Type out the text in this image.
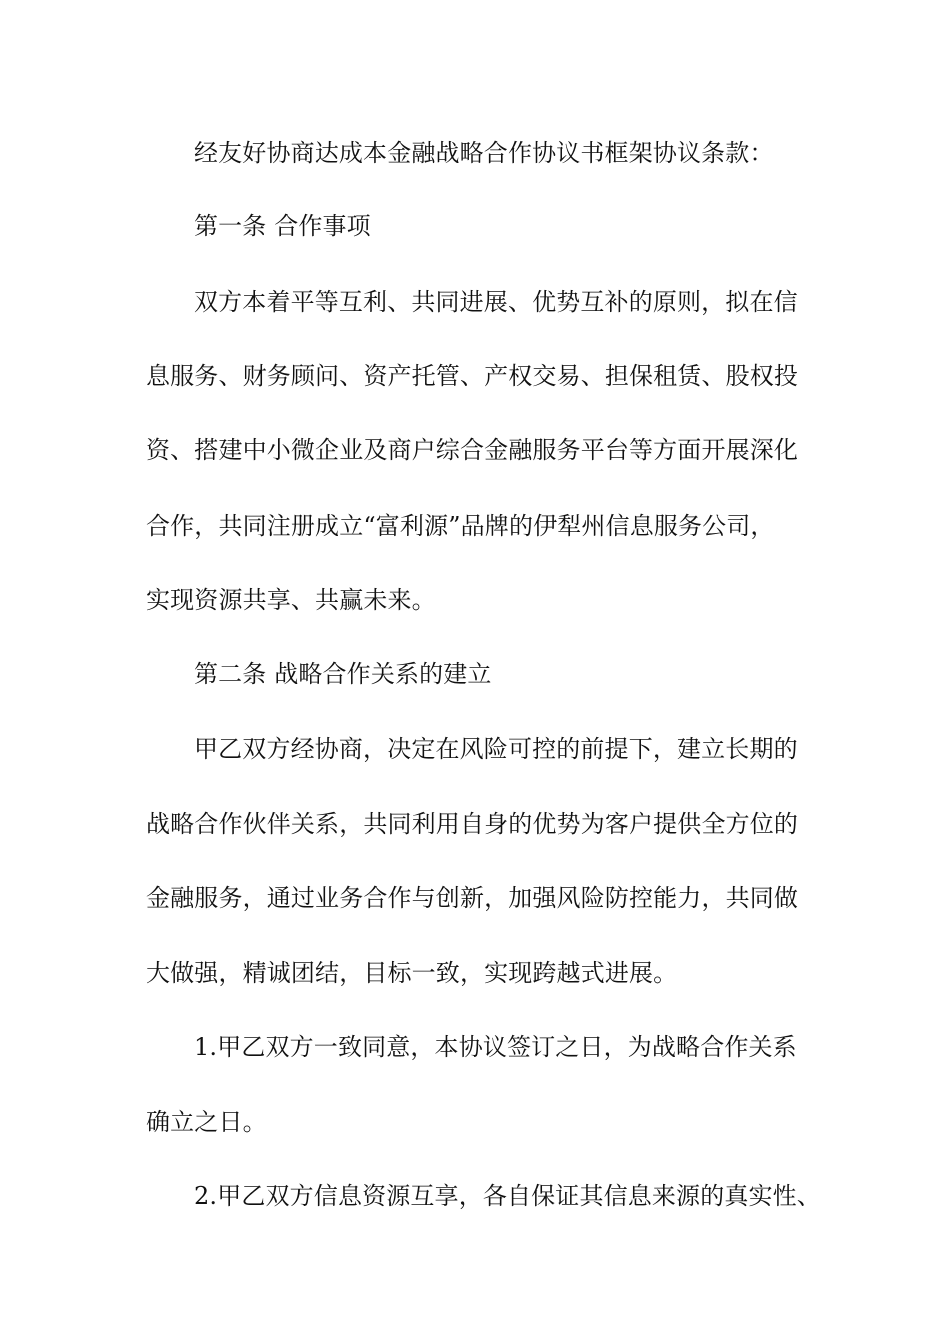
经友好协商达成本金融战略合作协议书框架协议条款：
第一条 合作事项
双方本着平等互利、共同进展、优势互补的原则，拟在信
息服务、财务顾问、资产托管、产权交易、担保租赁、股权投
资、搭建中小微企业及商户综合金融服务平台等方面开展深化
合作，共同注册成立“富利源”品牌的伊犁州信息服务公司，
实现资源共享、共赢未来。
第二条 战略合作关系的建立
甲乙双方经协商，决定在风险可控的前提下，建立长期的
战略合作伙伴关系，共同利用自身的优势为客户提供全方位的
金融服务，通过业务合作与创新，加强风险防控能力，共同做
大做强，精诚团结，目标一致，实现跨越式进展。
1.甲乙双方一致同意，本协议签订之日，为战略合作关系
确立之日。
2.甲乙双方信息资源互享，各自保证其信息来源的真实性、
